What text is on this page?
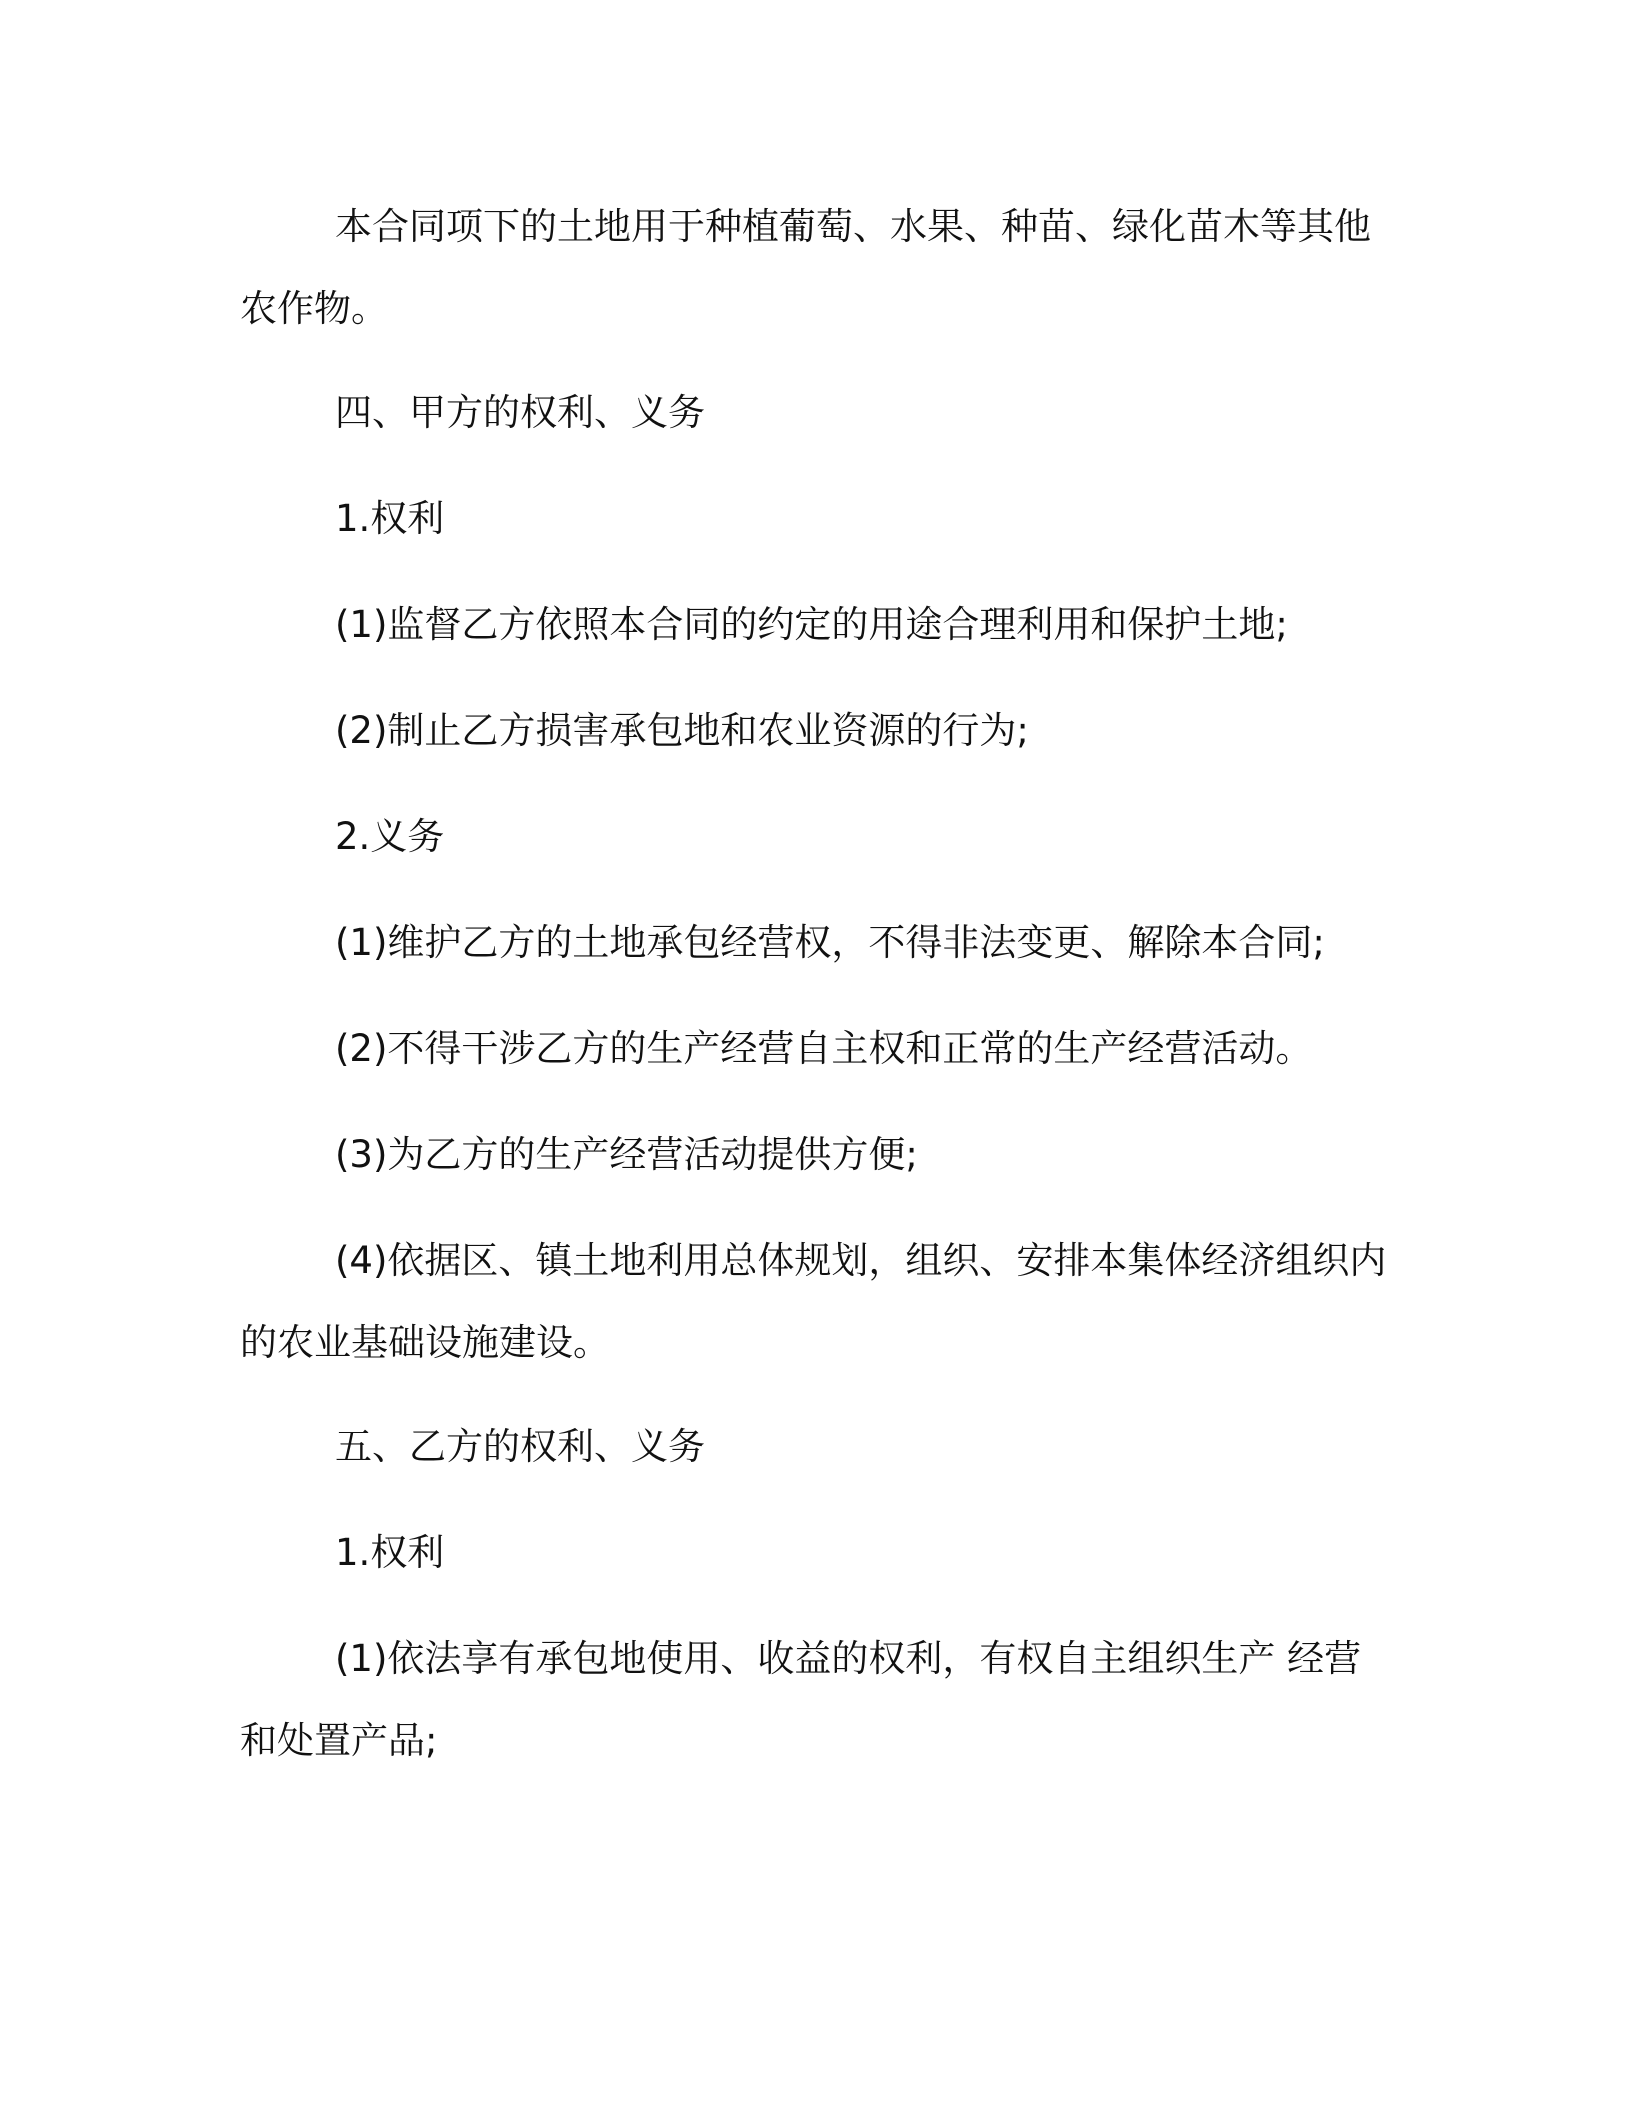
本合同项下的土地用于种植葡萄、水果、种苗、绿化苗木等其他农作物。

四、甲方的权利、义务

1.权利

(1)监督乙方依照本合同的约定的用途合理利用和保护土地;

(2)制止乙方损害承包地和农业资源的行为;

2.义务

(1)维护乙方的土地承包经营权，不得非法变更、解除本合同;

(2)不得干涉乙方的生产经营自主权和正常的生产经营活动。

(3)为乙方的生产经营活动提供方便;

(4)依据区、镇土地利用总体规划，组织、安排本集体经济组织内的农业基础设施建设。

五、乙方的权利、义务

1.权利

(1)依法享有承包地使用、收益的权利，有权自主组织生产 经营和处置产品;
